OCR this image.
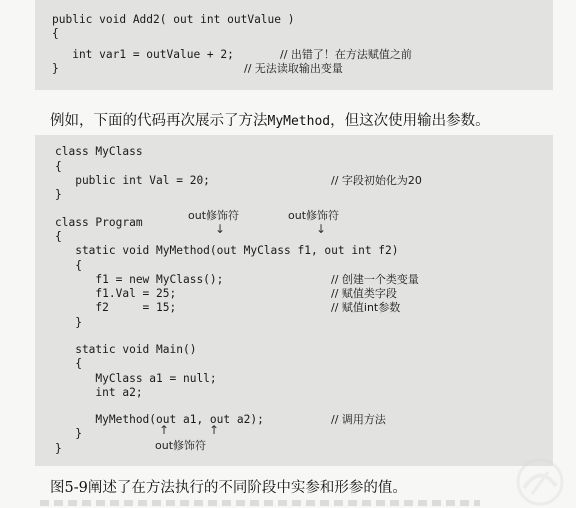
public void Add2( out int outValue )
{
int var1 = outValue + 2;	// 出错了！在方法赋值之前
}	// 无法读取输出变量
例如，下面的代码再次展示了方法MyMethod，但这次使用输出参数。
class MyClass
{
public int Val = 20;	// 字段初始化为20
}
out修饰符	out修饰符
class Program	↓	↓
{
static void MyMethod(out MyClass f1, out int f2)
{
f1 = new MyClass();	// 创建一个类变量
f1.Val = 25;	// 赋值类字段
f2     = 15;	// 赋值int参数
}
static void Main()
{
MyClass a1 = null;
int a2;
MyMethod(out a1, out a2);	// 调用方法
↑	↑
}
out修饰符
}
图5-9阐述了在方法执行的不同阶段中实参和形参的值。
